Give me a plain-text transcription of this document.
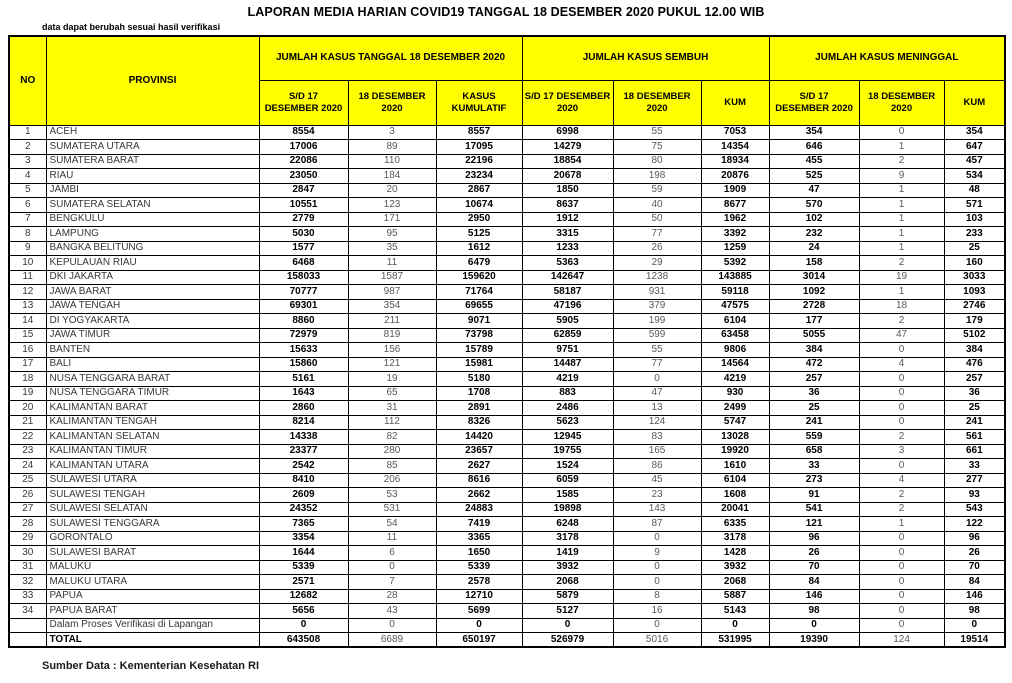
LAPORAN MEDIA HARIAN COVID19 TANGGAL 18 DESEMBER 2020 PUKUL 12.00 WIB
data dapat berubah sesuai hasil verifikasi
NO	PROVINSI	JUMLAH KASUS TANGGAL 18 DESEMBER 2020			JUMLAH KASUS SEMBUH			JUMLAH KASUS MENINGGAL		
		S/D 17 DESEMBER 2020	18 DESEMBER 2020	KASUS KUMULATIF	S/D 17 DESEMBER 2020	18 DESEMBER 2020	KUM	S/D 17 DESEMBER 2020	18 DESEMBER 2020	KUM
1	ACEH	8554	3	8557	6998	55	7053	354	0	354
2	SUMATERA UTARA	17006	89	17095	14279	75	14354	646	1	647
3	SUMATERA BARAT	22086	110	22196	18854	80	18934	455	2	457
4	RIAU	23050	184	23234	20678	198	20876	525	9	534
5	JAMBI	2847	20	2867	1850	59	1909	47	1	48
6	SUMATERA SELATAN	10551	123	10674	8637	40	8677	570	1	571
7	BENGKULU	2779	171	2950	1912	50	1962	102	1	103
8	LAMPUNG	5030	95	5125	3315	77	3392	232	1	233
9	BANGKA BELITUNG	1577	35	1612	1233	26	1259	24	1	25
10	KEPULAUAN RIAU	6468	11	6479	5363	29	5392	158	2	160
11	DKI JAKARTA	158033	1587	159620	142647	1238	143885	3014	19	3033
12	JAWA BARAT	70777	987	71764	58187	931	59118	1092	1	1093
13	JAWA TENGAH	69301	354	69655	47196	379	47575	2728	18	2746
14	DI YOGYAKARTA	8860	211	9071	5905	199	6104	177	2	179
15	JAWA TIMUR	72979	819	73798	62859	599	63458	5055	47	5102
16	BANTEN	15633	156	15789	9751	55	9806	384	0	384
17	BALI	15860	121	15981	14487	77	14564	472	4	476
18	NUSA TENGGARA BARAT	5161	19	5180	4219	0	4219	257	0	257
19	NUSA TENGGARA TIMUR	1643	65	1708	883	47	930	36	0	36
20	KALIMANTAN BARAT	2860	31	2891	2486	13	2499	25	0	25
21	KALIMANTAN TENGAH	8214	112	8326	5623	124	5747	241	0	241
22	KALIMANTAN SELATAN	14338	82	14420	12945	83	13028	559	2	561
23	KALIMANTAN TIMUR	23377	280	23657	19755	165	19920	658	3	661
24	KALIMANTAN UTARA	2542	85	2627	1524	86	1610	33	0	33
25	SULAWESI UTARA	8410	206	8616	6059	45	6104	273	4	277
26	SULAWESI TENGAH	2609	53	2662	1585	23	1608	91	2	93
27	SULAWESI SELATAN	24352	531	24883	19898	143	20041	541	2	543
28	SULAWESI TENGGARA	7365	54	7419	6248	87	6335	121	1	122
29	GORONTALO	3354	11	3365	3178	0	3178	96	0	96
30	SULAWESI BARAT	1644	6	1650	1419	9	1428	26	0	26
31	MALUKU	5339	0	5339	3932	0	3932	70	0	70
32	MALUKU UTARA	2571	7	2578	2068	0	2068	84	0	84
33	PAPUA	12682	28	12710	5879	8	5887	146	0	146
34	PAPUA BARAT	5656	43	5699	5127	16	5143	98	0	98
	Dalam Proses Verifikasi di Lapangan	0	0	0	0	0	0	0	0	0
	TOTAL	643508	6689	650197	526979	5016	531995	19390	124	19514
Sumber Data : Kementerian Kesehatan RI
